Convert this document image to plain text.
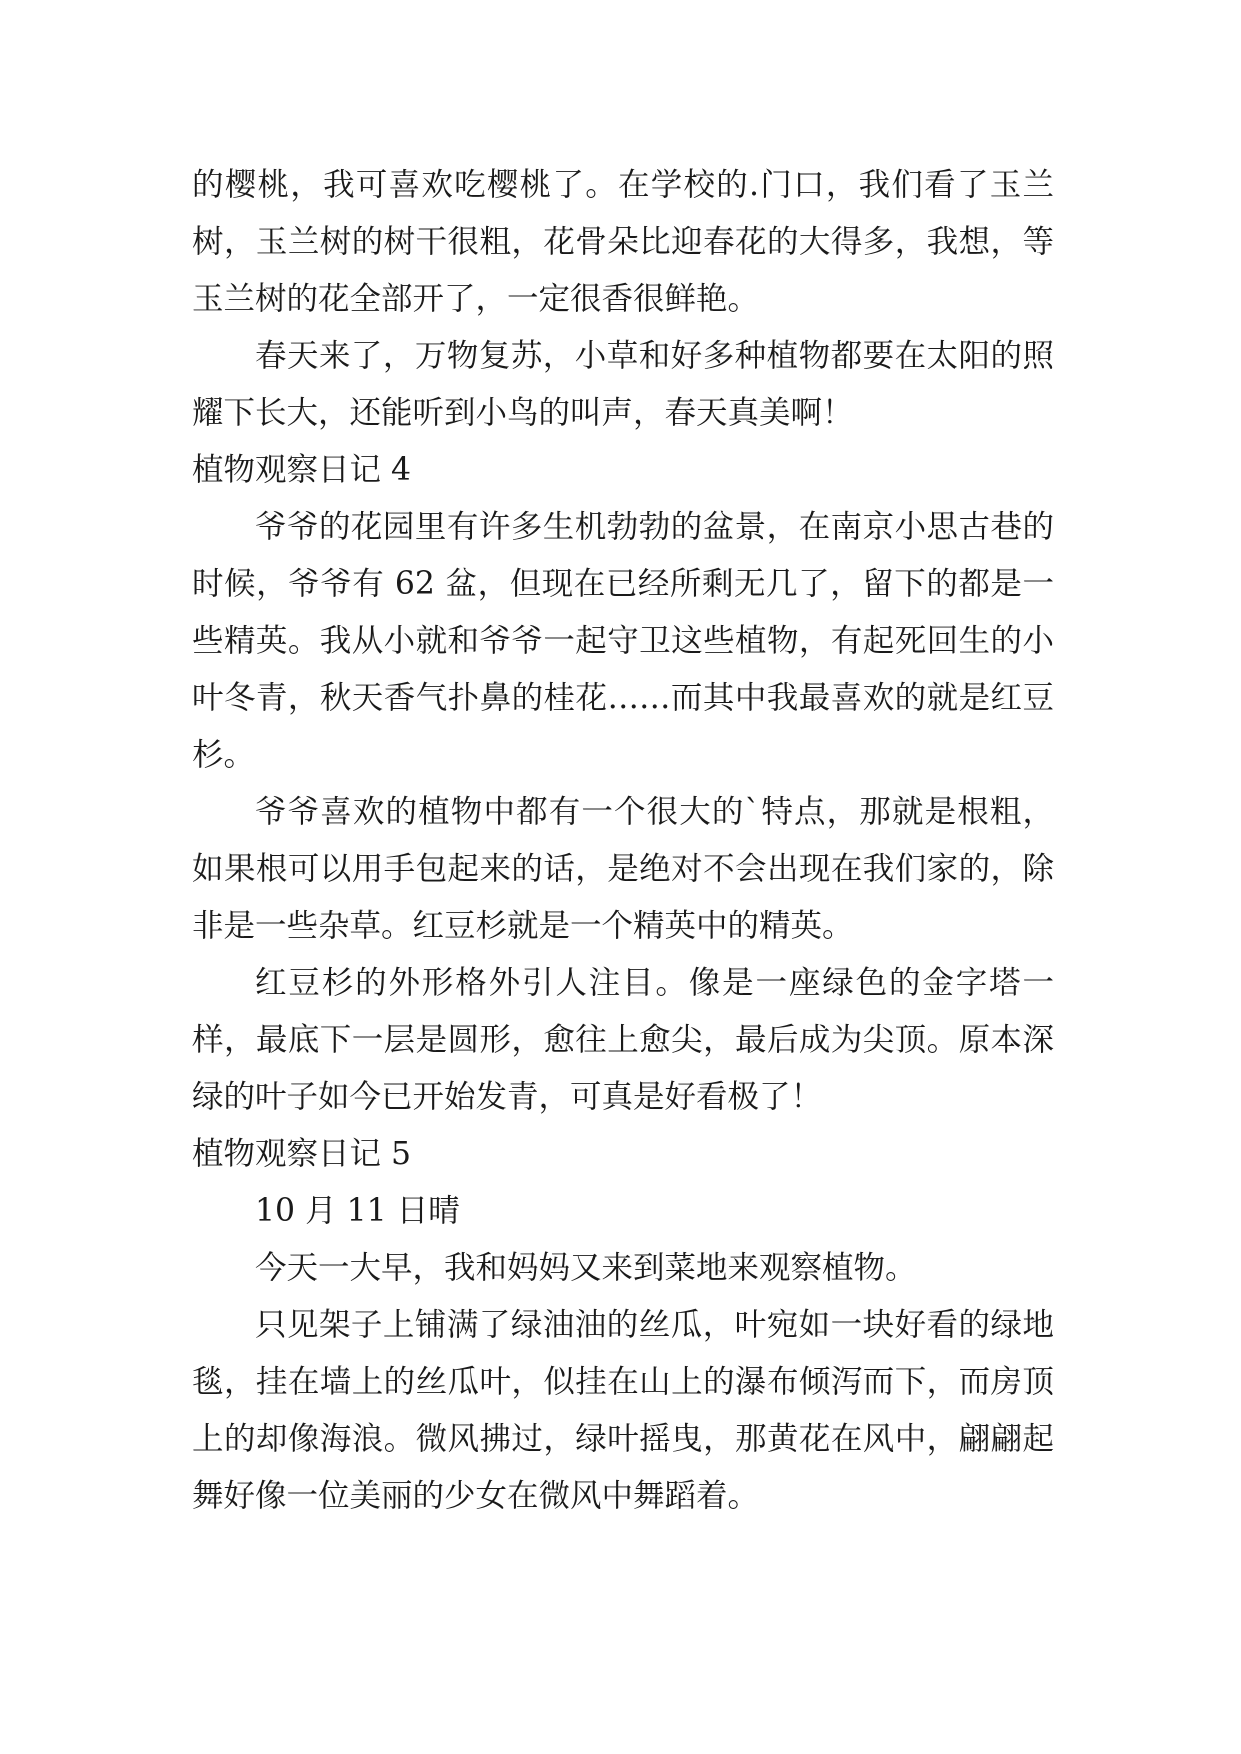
的樱桃，我可喜欢吃樱桃了。在学校的.门口，我们看了玉兰树，玉兰树的树干很粗，花骨朵比迎春花的大得多，我想，等玉兰树的花全部开了，一定很香很鲜艳。

春天来了，万物复苏，小草和好多种植物都要在太阳的照耀下长大，还能听到小鸟的叫声，春天真美啊！

植物观察日记 4

爷爷的花园里有许多生机勃勃的盆景，在南京小思古巷的时候，爷爷有 62 盆，但现在已经所剩无几了，留下的都是一些精英。我从小就和爷爷一起守卫这些植物，有起死回生的小叶冬青，秋天香气扑鼻的桂花……而其中我最喜欢的就是红豆杉。

爷爷喜欢的植物中都有一个很大的`特点，那就是根粗，如果根可以用手包起来的话，是绝对不会出现在我们家的，除非是一些杂草。红豆杉就是一个精英中的精英。

红豆杉的外形格外引人注目。像是一座绿色的金字塔一样，最底下一层是圆形，愈往上愈尖，最后成为尖顶。原本深绿的叶子如今已开始发青，可真是好看极了！

植物观察日记 5

10 月 11 日晴

今天一大早，我和妈妈又来到菜地来观察植物。

只见架子上铺满了绿油油的丝瓜，叶宛如一块好看的绿地毯，挂在墙上的丝瓜叶，似挂在山上的瀑布倾泻而下，而房顶上的却像海浪。微风拂过，绿叶摇曳，那黄花在风中，翩翩起舞好像一位美丽的少女在微风中舞蹈着。
